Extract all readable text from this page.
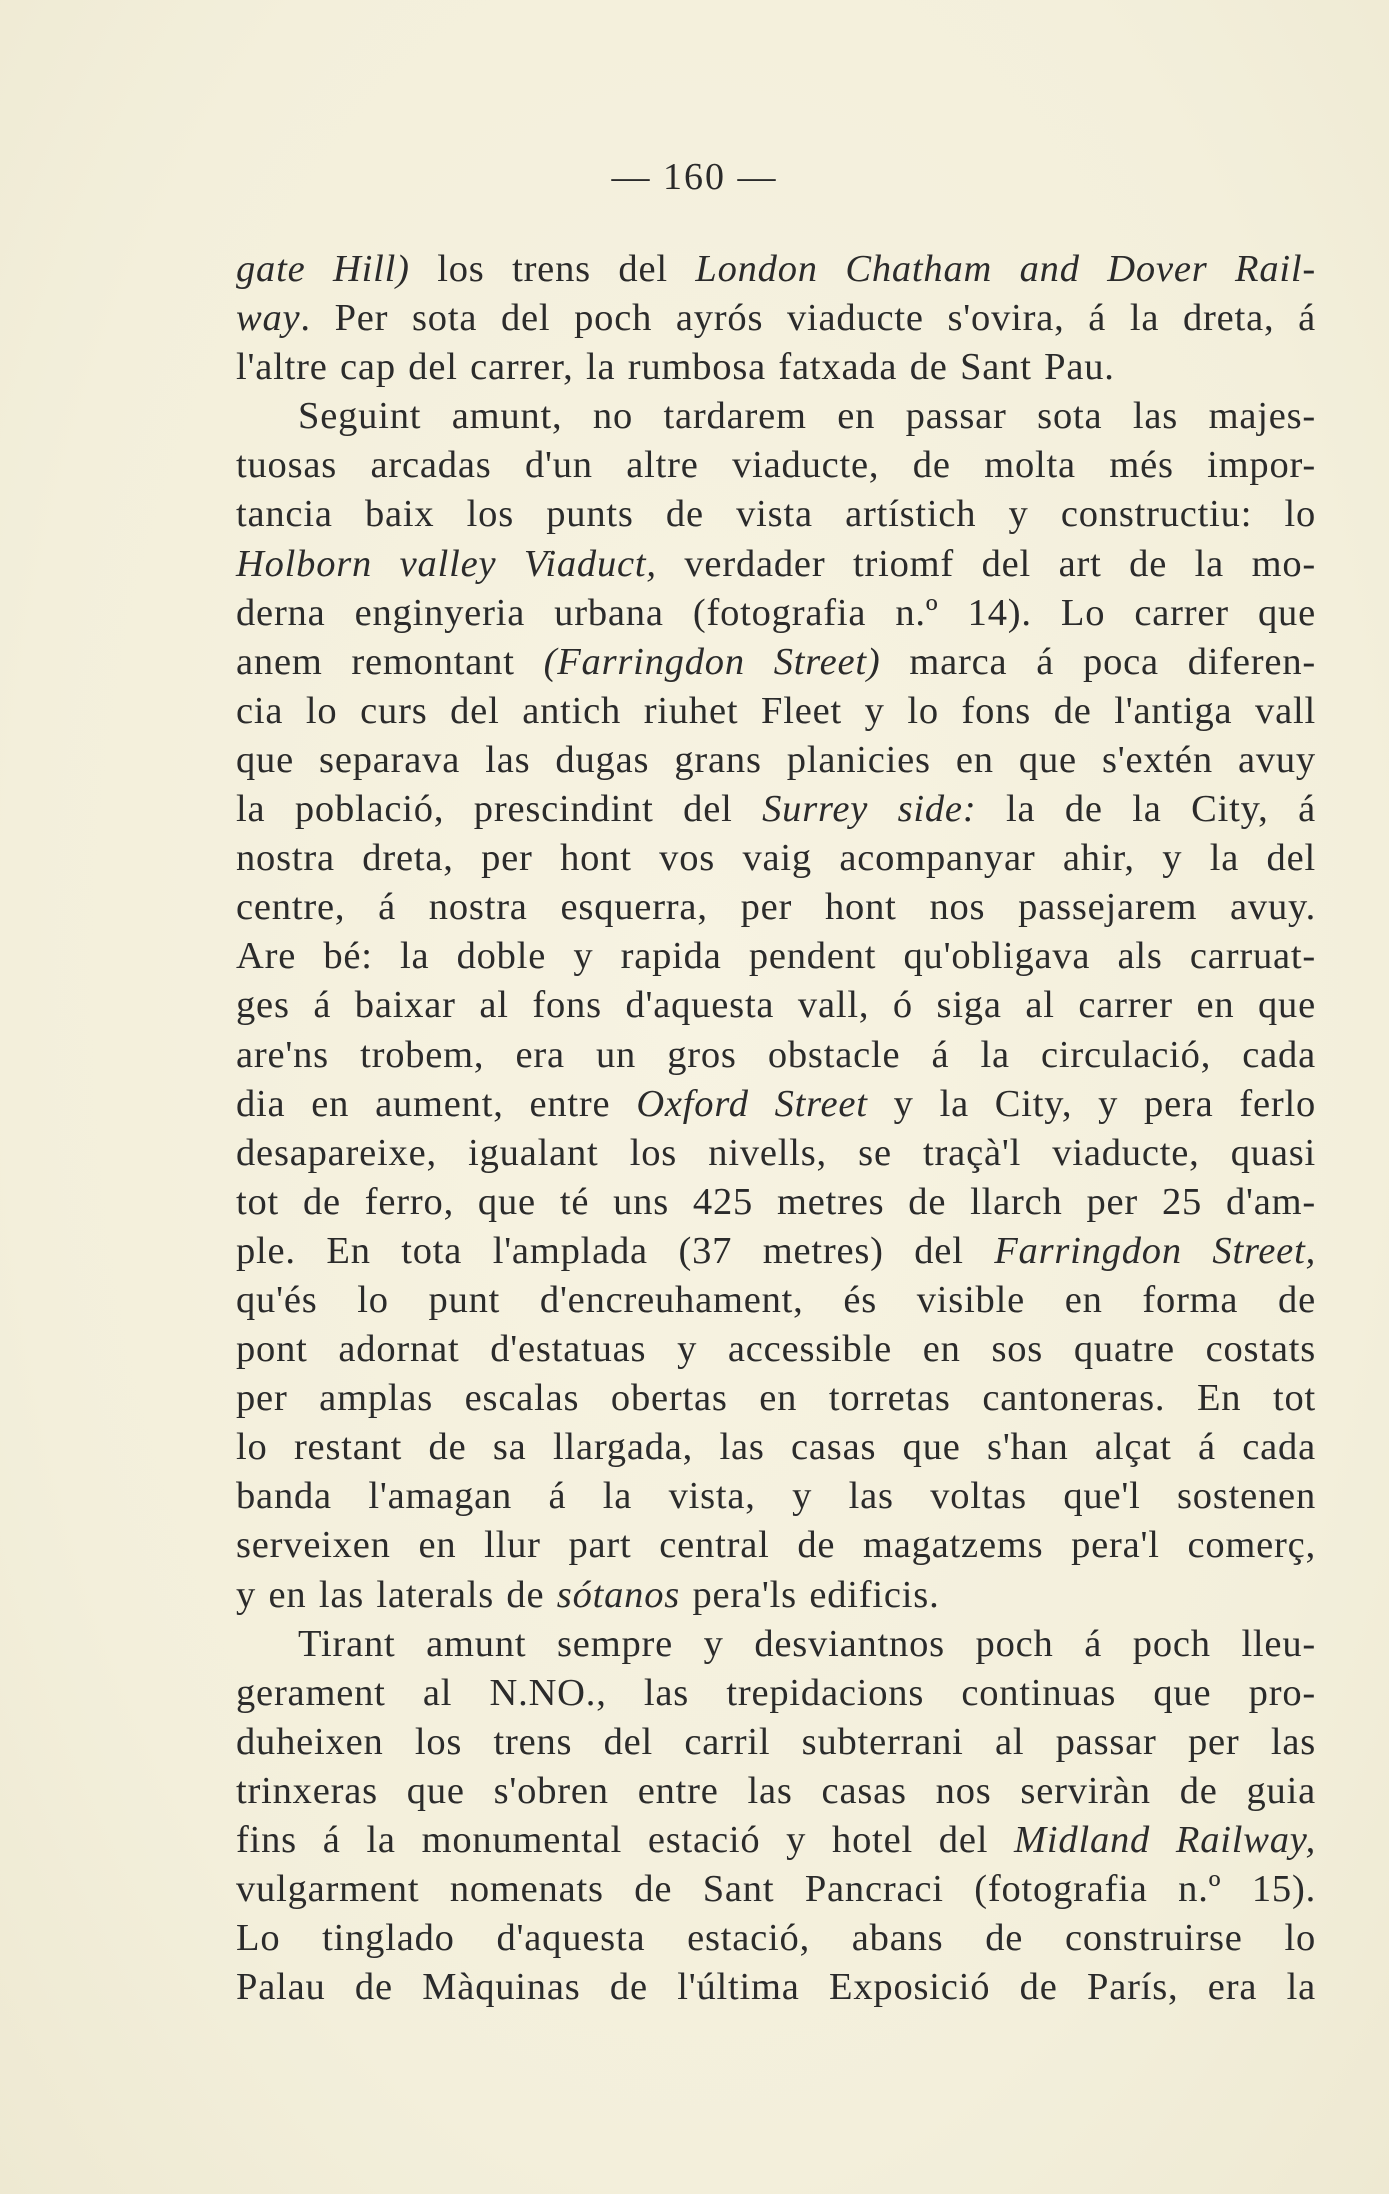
— 160 —
gate Hill) los trens del London Chatham and Dover Rail-
way. Per sota del poch ayrós viaducte s'ovira, á la dreta, á
l'altre cap del carrer, la rumbosa fatxada de Sant Pau.
Seguint amunt, no tardarem en passar sota las majes-
tuosas arcadas d'un altre viaducte, de molta més impor-
tancia baix los punts de vista artístich y constructiu: lo
Holborn valley Viaduct, verdader triomf del art de la mo-
derna enginyeria urbana (fotografia n.º 14). Lo carrer que
anem remontant (Farringdon Street) marca á poca diferen-
cia lo curs del antich riuhet Fleet y lo fons de l'antiga vall
que separava las dugas grans planicies en que s'extén avuy
la població, prescindint del Surrey side: la de la City, á
nostra dreta, per hont vos vaig acompanyar ahir, y la del
centre, á nostra esquerra, per hont nos passejarem avuy.
Are bé: la doble y rapida pendent qu'obligava als carruat-
ges á baixar al fons d'aquesta vall, ó siga al carrer en que
are'ns trobem, era un gros obstacle á la circulació, cada
dia en aument, entre Oxford Street y la City, y pera ferlo
desapareixe, igualant los nivells, se traçà'l viaducte, quasi
tot de ferro, que té uns 425 metres de llarch per 25 d'am-
ple. En tota l'amplada (37 metres) del Farringdon Street,
qu'és lo punt d'encreuhament, és visible en forma de
pont adornat d'estatuas y accessible en sos quatre costats
per amplas escalas obertas en torretas cantoneras. En tot
lo restant de sa llargada, las casas que s'han alçat á cada
banda l'amagan á la vista, y las voltas que'l sostenen
serveixen en llur part central de magatzems pera'l comerç,
y en las laterals de sótanos pera'ls edificis.
Tirant amunt sempre y desviantnos poch á poch lleu-
gerament al N.NO., las trepidacions continuas que pro-
duheixen los trens del carril subterrani al passar per las
trinxeras que s'obren entre las casas nos serviràn de guia
fins á la monumental estació y hotel del Midland Railway,
vulgarment nomenats de Sant Pancraci (fotografia n.º 15).
Lo tinglado d'aquesta estació, abans de construirse lo
Palau de Màquinas de l'última Exposició de París, era la
